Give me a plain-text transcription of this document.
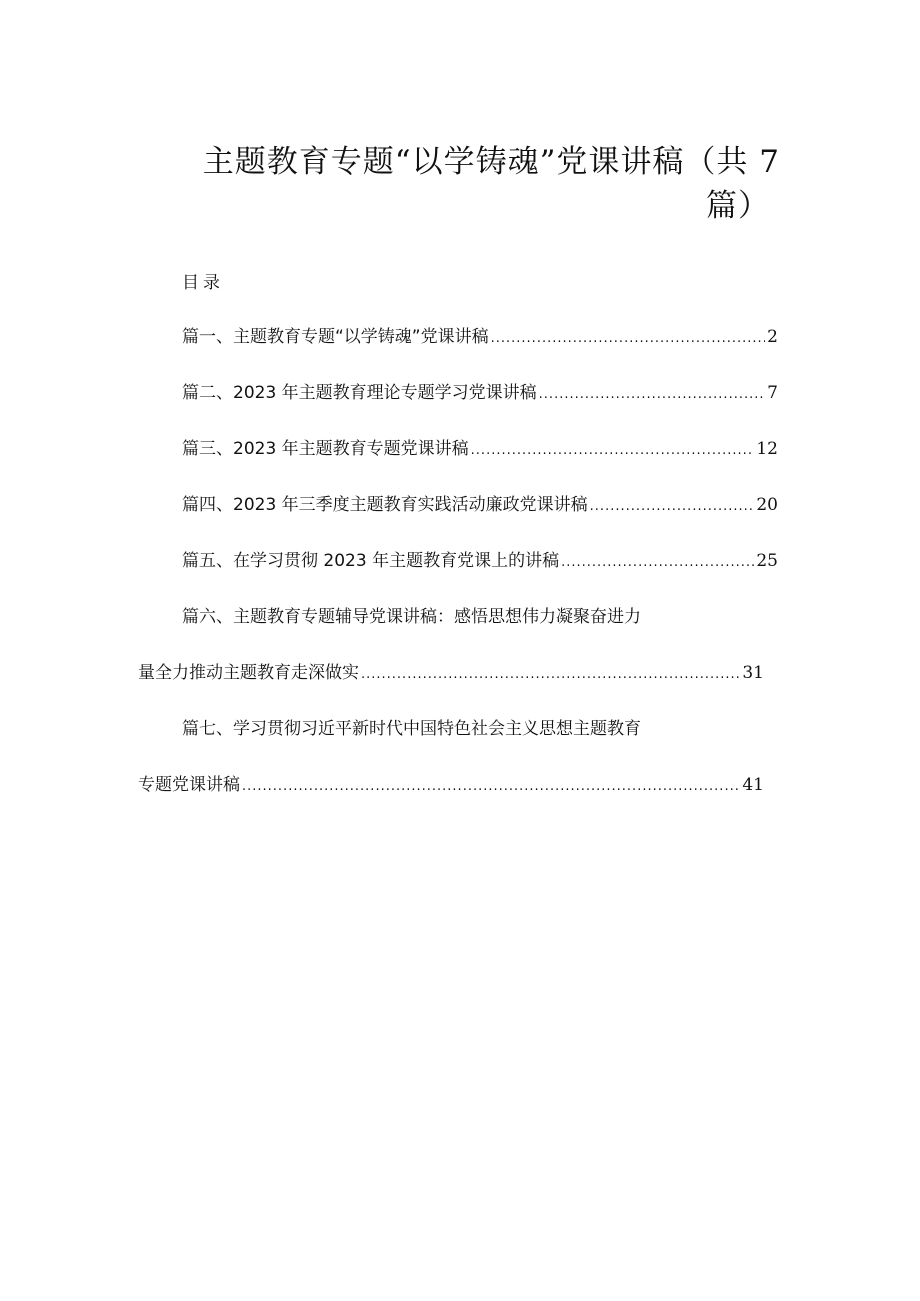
主题教育专题“以学铸魂”党课讲稿（共 7
篇）
目录
篇一、主题教育专题“以学铸魂”党课讲稿 .....	2
篇二、2023 年主题教育理论专题学习党课讲稿 .....	7
篇三、2023 年主题教育专题党课讲稿 .....	12
篇四、2023 年三季度主题教育实践活动廉政党课讲稿 .....	20
篇五、在学习贯彻 2023 年主题教育党课上的讲稿 .....	25
篇六、主题教育专题辅导党课讲稿：感悟思想伟力凝聚奋进力
量全力推动主题教育走深做实 .....	31
篇七、学习贯彻习近平新时代中国特色社会主义思想主题教育
专题党课讲稿 .....	41
